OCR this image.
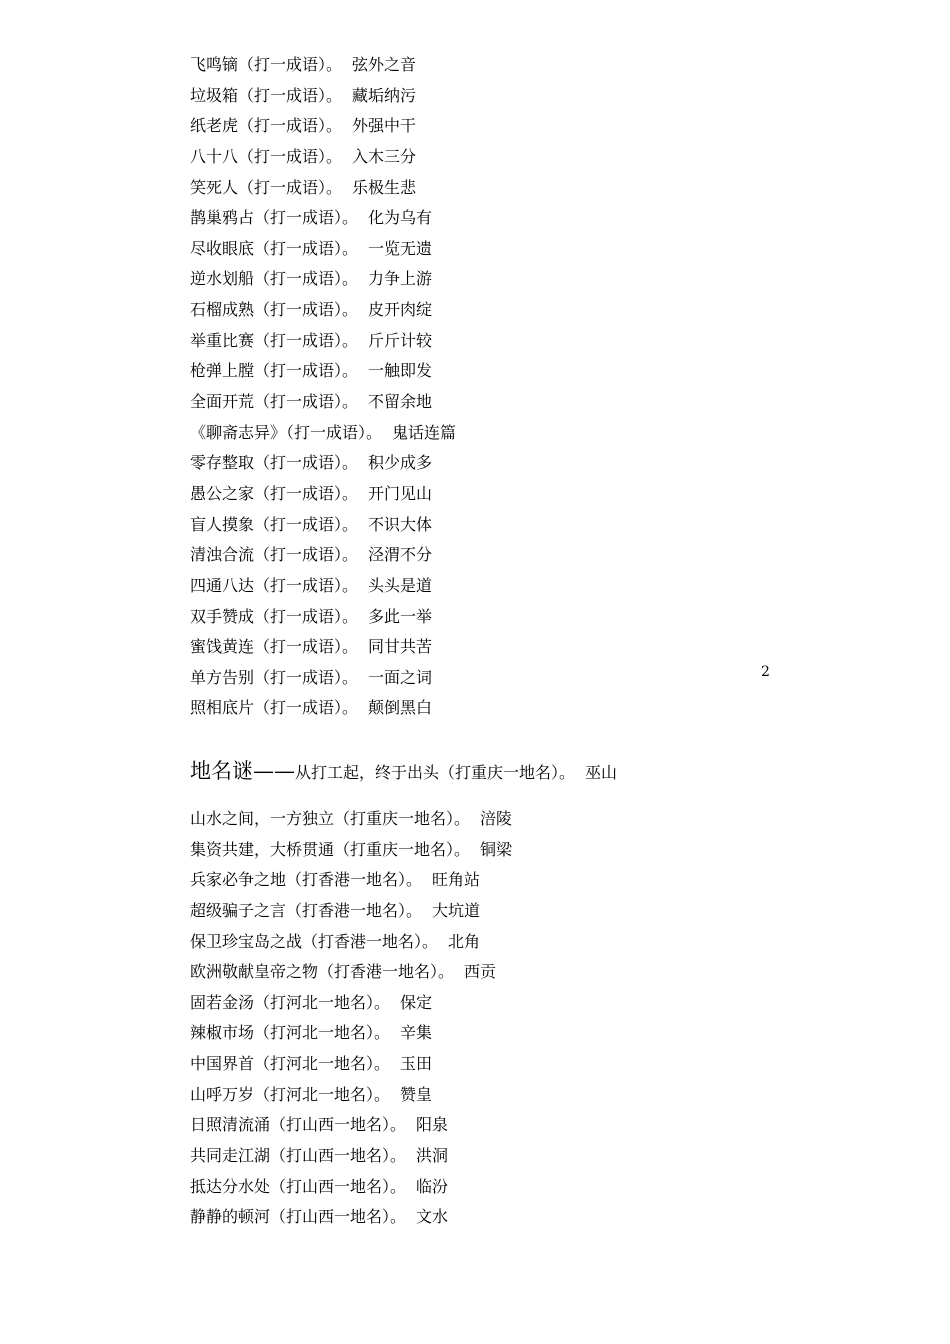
飞鸣镝（打一成语）。 弦外之音
垃圾箱（打一成语）。 藏垢纳污
纸老虎（打一成语）。 外强中干
八十八（打一成语）。 入木三分
笑死人（打一成语）。 乐极生悲
鹊巢鸦占（打一成语）。 化为乌有
尽收眼底（打一成语）。 一览无遗
逆水划船（打一成语）。 力争上游
石榴成熟（打一成语）。 皮开肉绽
举重比赛（打一成语）。 斤斤计较
枪弹上膛（打一成语）。 一触即发
全面开荒（打一成语）。 不留余地
《聊斋志异》（打一成语）。 鬼话连篇
零存整取（打一成语）。 积少成多
愚公之家（打一成语）。 开门见山
盲人摸象（打一成语）。 不识大体
清浊合流（打一成语）。 泾渭不分
四通八达（打一成语）。 头头是道
双手赞成（打一成语）。 多此一举
蜜饯黄连（打一成语）。 同甘共苦
单方告别（打一成语）。 一面之词
照相底片（打一成语）。 颠倒黑白
2
地名谜——从打工起，终于出头（打重庆一地名）。 巫山
山水之间，一方独立（打重庆一地名）。 涪陵
集资共建，大桥贯通（打重庆一地名）。 铜梁
兵家必争之地（打香港一地名）。 旺角站
超级骗子之言（打香港一地名）。 大坑道
保卫珍宝岛之战（打香港一地名）。 北角
欧洲敬献皇帝之物（打香港一地名）。 西贡
固若金汤（打河北一地名）。 保定
辣椒市场（打河北一地名）。 辛集
中国界首（打河北一地名）。 玉田
山呼万岁（打河北一地名）。 赞皇
日照清流涌（打山西一地名）。 阳泉
共同走江湖（打山西一地名）。 洪洞
抵达分水处（打山西一地名）。 临汾
静静的顿河（打山西一地名）。 文水
